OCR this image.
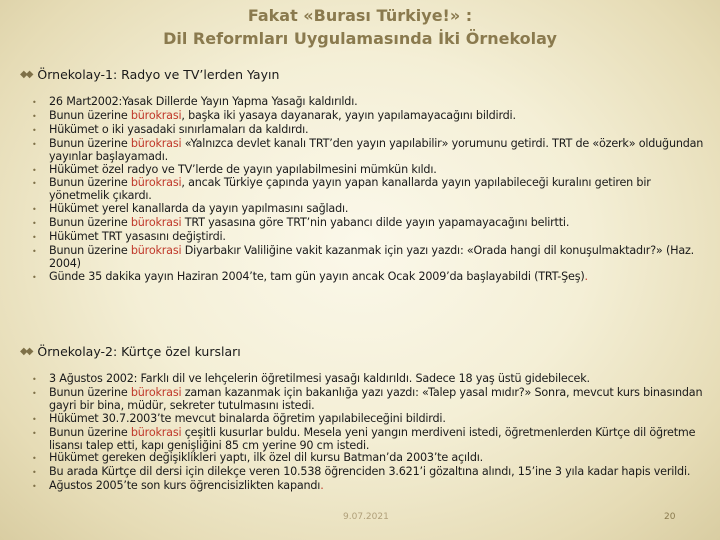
Fakat «Burası Türkiye!» :
Dil Reformları Uygulamasında İki Örnekolay
◆◆ Örnekolay-1: Radyo ve TV’lerden Yayın
•	26 Mart2002:Yasak Dillerde Yayın Yapma Yasağı kaldırıldı.
•	Bunun üzerine bürokrasi, başka iki yasaya dayanarak, yayın yapılamayacağını bildirdi.
•	Hükümet o iki yasadaki sınırlamaları da kaldırdı.
•	Bunun üzerine bürokrasi «Yalnızca devlet kanalı TRT’den yayın yapılabilir» yorumunu getirdi. TRT de «özerk» olduğundan yayınlar başlayamadı.
•	Hükümet özel radyo ve TV’lerde de yayın yapılabilmesini mümkün kıldı.
•	Bunun üzerine bürokrasi, ancak Türkiye çapında yayın yapan kanallarda yayın yapılabileceği kuralını getiren bir yönetmelik çıkardı.
•	Hükümet yerel kanallarda da yayın yapılmasını sağladı.
•	Bunun üzerine bürokrasi TRT yasasına göre TRT’nin yabancı dilde yayın yapamayacağını belirtti.
•	Hükümet TRT yasasını değiştirdi.
•	Bunun üzerine bürokrasi Diyarbakır Valiliğine vakit kazanmak için yazı yazdı: «Orada hangi dil konuşulmaktadır?» (Haz. 2004)
•	Günde 35 dakika yayın Haziran 2004’te, tam gün yayın ancak Ocak 2009’da başlayabildi (TRT-Şeş).
◆◆ Örnekolay-2: Kürtçe özel kursları
•	3 Ağustos 2002: Farklı dil ve lehçelerin öğretilmesi yasağı kaldırıldı. Sadece 18 yaş üstü gidebilecek.
•	Bunun üzerine bürokrasi zaman kazanmak için bakanlığa yazı yazdı: «Talep yasal mıdır?» Sonra, mevcut kurs binasından gayri bir bina, müdür, sekreter tutulmasını istedi.
•	Hükümet 30.7.2003’te mevcut binalarda öğretim yapılabileceğini bildirdi.
•	Bunun üzerine bürokrasi çeşitli kusurlar buldu. Mesela yeni yangın merdiveni istedi, öğretmenlerden Kürtçe dil öğretme lisansı talep etti, kapı genişliğini 85 cm yerine 90 cm istedi.
•	Hükümet gereken değişiklikleri yaptı, ilk özel dil kursu Batman’da 2003’te açıldı.
•	Bu arada Kürtçe dil dersi için dilekçe veren 10.538 öğrenciden 3.621’i gözaltına alındı, 15’ine 3 yıla kadar hapis verildi.
•	Ağustos 2005’te son kurs öğrencisizlikten kapandı.
9.07.2021	20
